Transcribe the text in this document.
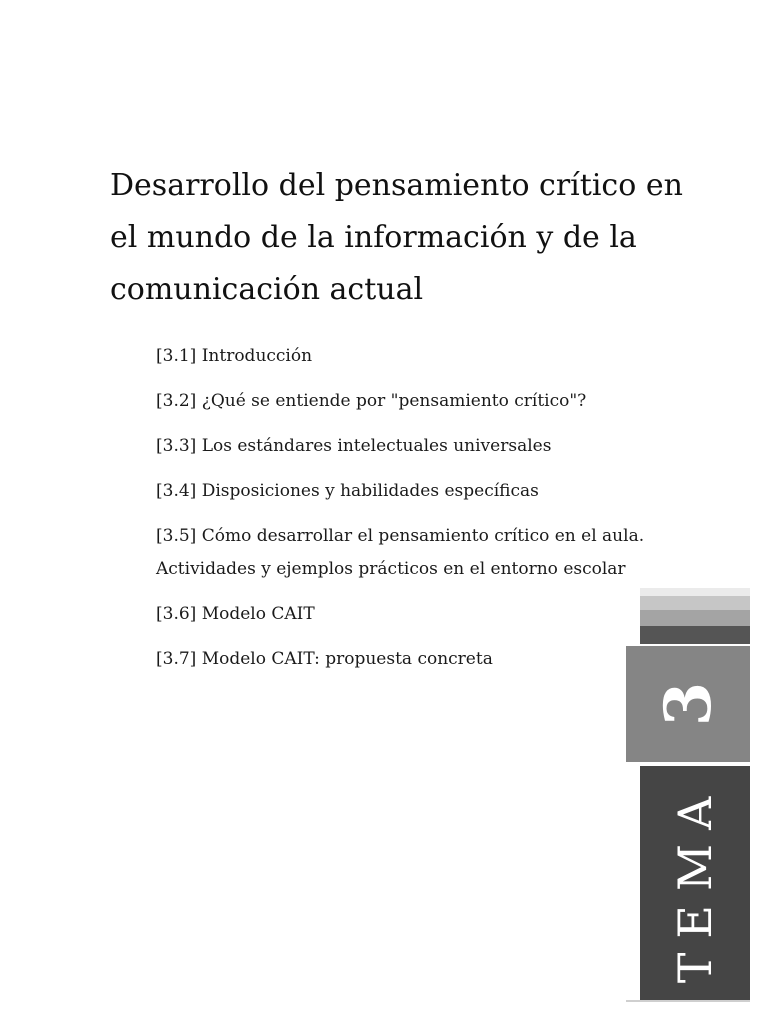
Desarrollo del pensamiento crítico en el mundo de la información y de la comunicación actual
[3.1] Introducción
[3.2] ¿Qué se entiende por "pensamiento crítico"?
[3.3] Los estándares intelectuales universales
[3.4] Disposiciones y habilidades específicas
[3.5] Cómo desarrollar el pensamiento crítico en el aula. Actividades y ejemplos prácticos en el entorno escolar
[3.6] Modelo CAIT
[3.7] Modelo CAIT: propuesta concreta
3
TEMA
